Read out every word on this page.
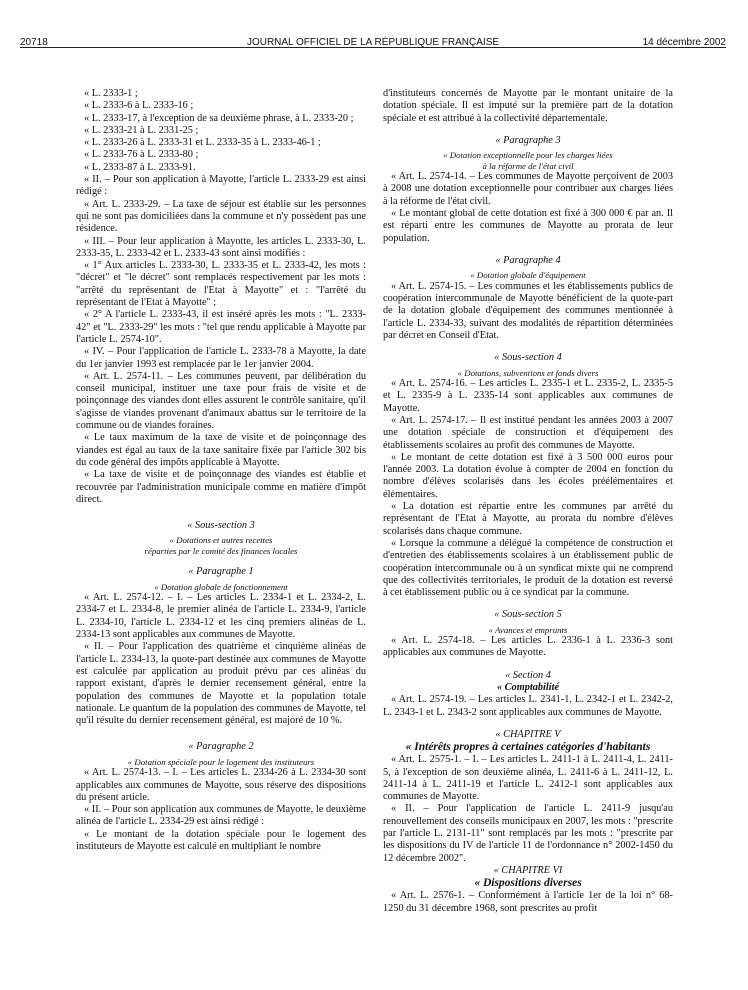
20718	JOURNAL OFFICIEL DE LA RÉPUBLIQUE FRANÇAISE	14 décembre 2002

« L. 2333-1 ;

« L. 2333-6 à L. 2333-16 ;

« L. 2333-17, à l'exception de sa deuxième phrase, à L. 2333-20 ;

« L. 2333-21 à L. 2331-25 ;

« L. 2333-26 à L. 2333-31 et L. 2333-35 à L. 2333-46-1 ;

« L. 2333-76 à L. 2333-80 ;

« L. 2333-87 à L. 2333-91.

« II. – Pour son application à Mayotte, l'article L. 2333-29 est ainsi rédigé :

« Art. L. 2333-29. – La taxe de séjour est établie sur les personnes qui ne sont pas domiciliées dans la commune et n'y possèdent pas une résidence.

« III. – Pour leur application à Mayotte, les articles L. 2333-30, L. 2333-35, L. 2333-42 et L. 2333-43 sont ainsi modifiés :

« 1° Aux articles L. 2333-30, L. 2333-35 et L. 2333-42, les mots : "décret" et "le décret" sont remplacés respectivement par les mots : "arrêté du représentant de l'Etat à Mayotte" et : "l'arrêté du représentant de l'Etat à Mayotte" ;

« 2° A l'article L. 2333-43, il est inséré après les mots : "L. 2333-42" et "L. 2333-29" les mots : "tel que rendu applicable à Mayotte par l'article L. 2574-10".

« IV. – Pour l'application de l'article L. 2333-78 à Mayotte, la date du 1er janvier 1993 est remplacée par le 1er janvier 2004.

« Art. L. 2574-11. – Les communes peuvent, par délibération du conseil municipal, instituer une taxe pour frais de visite et de poinçonnage des viandes dont elles assurent le contrôle sanitaire, qu'il s'agisse de viandes provenant d'animaux abattus sur le territoire de la commune ou de viandes foraines.

« Le taux maximum de la taxe de visite et de poinçonnage des viandes est égal au taux de la taxe sanitaire fixée par l'article 302 bis du code général des impôts applicable à Mayotte.

« La taxe de visite et de poinçonnage des viandes est établie et recouvrée par l'administration municipale comme en matière d'impôt direct.

« Sous-section 3

« Dotations et autres recettes

réparties par le comité des finances locales

« Paragraphe 1

« Dotation globale de fonctionnement

« Art. L. 2574-12. – I. – Les articles L. 2334-1 et L. 2334-2, L. 2334-7 et L. 2334-8, le premier alinéa de l'article L. 2334-9, l'article L. 2334-10, l'article L. 2334-12 et les cinq premiers alinéas de L. 2334-13 sont applicables aux communes de Mayotte.

« II. – Pour l'application des quatrième et cinquième alinéas de l'article L. 2334-13, la quote-part destinée aux communes de Mayotte est calculée par application au produit prévu par ces alinéas du rapport existant, d'après le dernier recensement général, entre la population des communes de Mayotte et la population totale nationale. Le quantum de la population des communes de Mayotte, tel qu'il résulte du dernier recensement général, est majoré de 10 %.

« Paragraphe 2

« Dotation spéciale pour le logement des instituteurs

« Art. L. 2574-13. – I. – Les articles L. 2334-26 à L. 2334-30 sont applicables aux communes de Mayotte, sous réserve des dispositions du présent article.

« II. – Pour son application aux communes de Mayotte, le deuxième alinéa de l'article L. 2334-29 est ainsi rédigé :

« Le montant de la dotation spéciale pour le logement des instituteurs de Mayotte est calculé en multipliant le nombre

d'instituteurs concernés de Mayotte par le montant unitaire de la dotation spéciale. Il est imputé sur la première part de la dotation spéciale et est attribué à la collectivité départementale.

« Paragraphe 3

« Dotation exceptionnelle pour les charges liées

à la réforme de l'état civil

« Art. L. 2574-14. – Les communes de Mayotte perçoivent de 2003 à 2008 une dotation exceptionnelle pour contribuer aux charges liées à la réforme de l'état civil.

« Le montant global de cette dotation est fixé à 300 000 € par an. Il est réparti entre les communes de Mayotte au prorata de leur population.

« Paragraphe 4

« Dotation globale d'équipement

« Art. L. 2574-15. – Les communes et les établissements publics de coopération intercommunale de Mayotte bénéficient de la quote-part de la dotation globale d'équipement des communes mentionnée à l'article L. 2334-33, suivant des modalités de répartition déterminées par décret en Conseil d'Etat.

« Sous-section 4

« Dotations, subventions et fonds divers

« Art. L. 2574-16. – Les articles L. 2335-1 et L. 2335-2, L. 2335-5 et L. 2335-9 à L. 2335-14 sont applicables aux communes de Mayotte.

« Art. L. 2574-17. – Il est institué pendant les années 2003 à 2007 une dotation spéciale de construction et d'équipement des établissements scolaires au profit des communes de Mayotte.

« Le montant de cette dotation est fixé à 3 500 000 euros pour l'année 2003. La dotation évolue à compter de 2004 en fonction du nombre d'élèves scolarisés dans les écoles préélémentaires et élémentaires.

« La dotation est répartie entre les communes par arrêté du représentant de l'Etat à Mayotte, au prorata du nombre d'élèves scolarisés dans chaque commune.

« Lorsque la commune a délégué la compétence de construction et d'entretien des établissements scolaires à un établissement public de coopération intercommunale ou à un syndicat mixte qui ne comprend que des collectivités territoriales, le produit de la dotation est reversé à cet établissement public ou à ce syndicat par la commune.

« Sous-section 5

« Avances et emprunts

« Art. L. 2574-18. – Les articles L. 2336-1 à L. 2336-3 sont applicables aux communes de Mayotte.

« Section 4

« Comptabilité

« Art. L. 2574-19. – Les articles L. 2341-1, L. 2342-1 et L. 2342-2, L. 2343-1 et L. 2343-2 sont applicables aux communes de Mayotte.

« CHAPITRE V

« Intérêts propres à certaines catégories d'habitants

« Art. L. 2575-1. – I. – Les articles L. 2411-1 à L. 2411-4, L. 2411-5, à l'exception de son deuxième alinéa, L. 2411-6 à L. 2411-12, L. 2411-14 à L. 2411-19 et l'article L. 2412-1 sont applicables aux communes de Mayotte.

« II. – Pour l'application de l'article L. 2411-9 jusqu'au renouvellement des conseils municipaux en 2007, les mots : "prescrite par l'article L. 2131-11" sont remplacés par les mots : "prescrite par les dispositions du IV de l'article 11 de l'ordonnance n° 2002-1450 du 12 décembre 2002".

« CHAPITRE VI

« Dispositions diverses

« Art. L. 2576-1. – Conformément à l'article 1er de la loi n° 68-1250 du 31 décembre 1968, sont prescrites au profit
